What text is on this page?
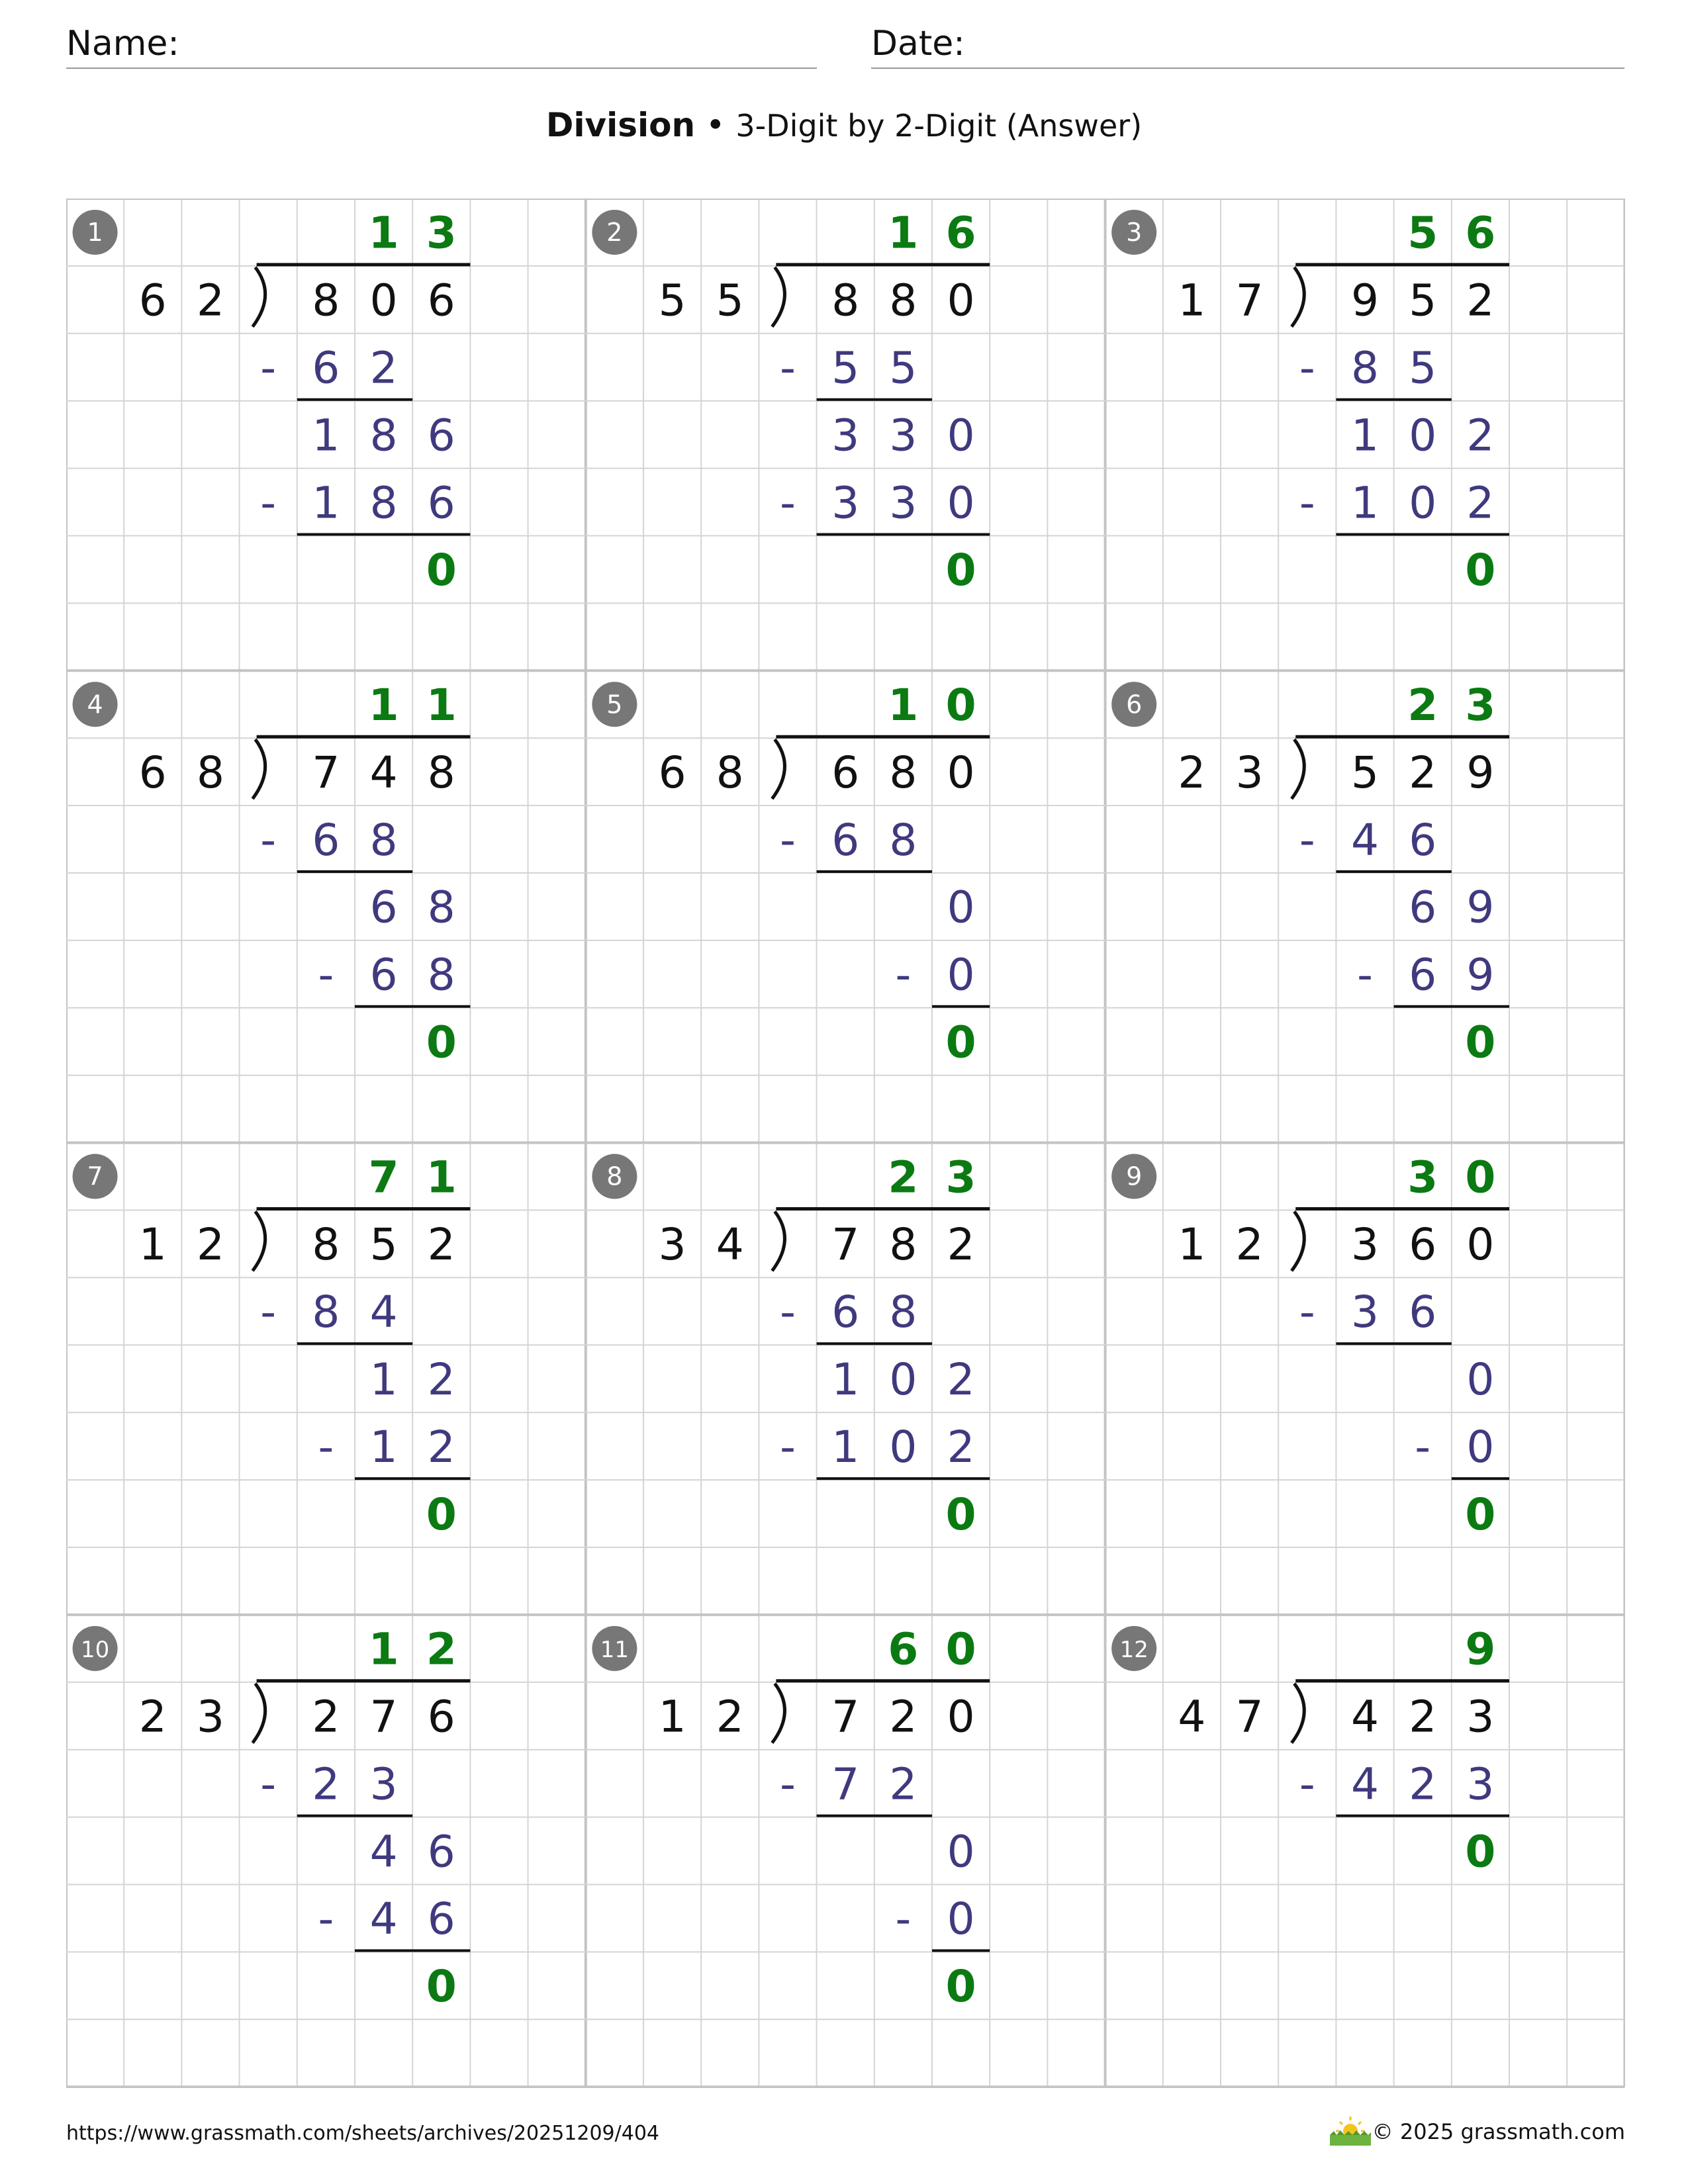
Name:	Date:
Division • 3-Digit by 2-Digit (Answer)
1	1 3
6 2 8 0 6
6 2
-
1 8 6
1 8 6
-
0
2	1 6
5 5 8 8 0
5 5
-
3 3 0
3 3 0
-
0
3	5 6
1 7 9 5 2
8 5
-
1 0 2
1 0 2
-
0
4	1 1
6 8 7 4 8
6 8
-
6 8
6 8
-
0
5	1 0
6 8 6 8 0
6 8
-
0
0
-
0
6	2 3
2 3 5 2 9
4 6
-
6 9
6 9
-
0
7	7 1
1 2 8 5 2
8 4
-
1 2
1 2
-
0
8	2 3
3 4 7 8 2
6 8
-
1 0 2
1 0 2
-
0
9	3 0
1 2 3 6 0
3 6
-
0
0
-
0
10	1 2
2 3 2 7 6
2 3
-
4 6
4 6
-
0
11	6 0
1 2 7 2 0
7 2
-
0
0
-
0
12	9
4 7 4 2 3
4 2 3
-
0
https://www.grassmath.com/sheets/archives/20251209/404	© 2025 grassmath.com
